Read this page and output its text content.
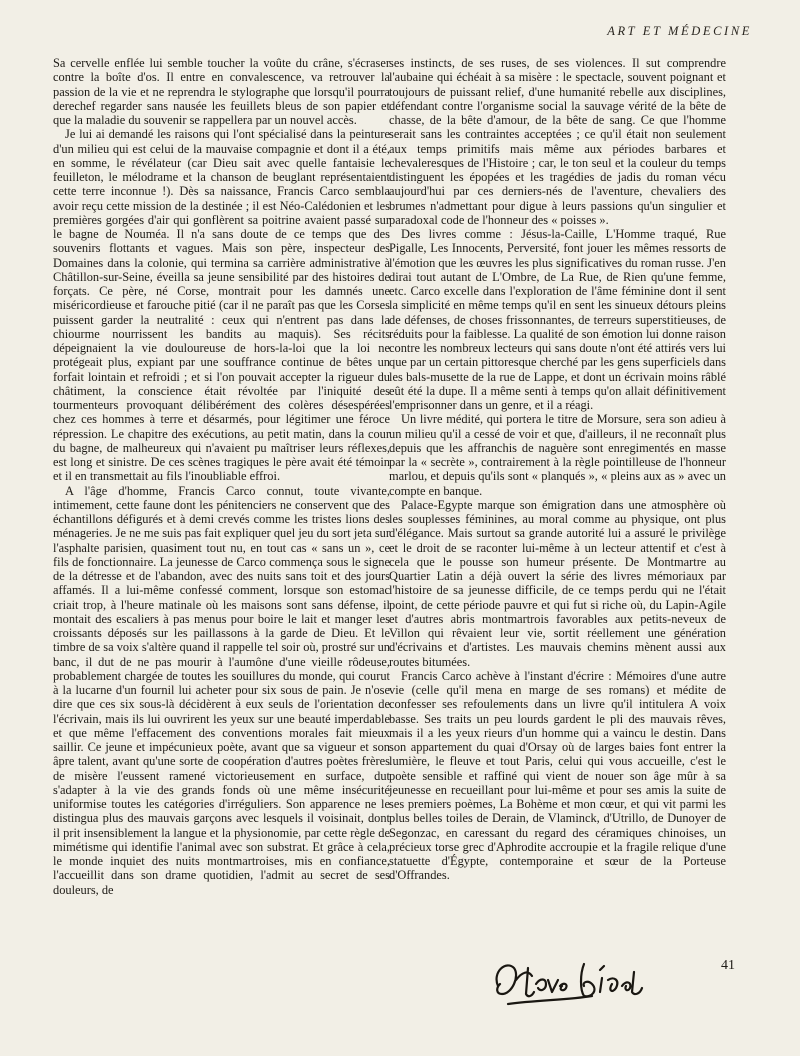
ART ET MÉDECINE

Sa cervelle enflée lui semble toucher la voûte du crâne, s'écraser contre la boîte d'os. Il entre en convalescence, va retrouver la passion de la vie et ne reprendra le stylographe que lorsqu'il pourra derechef regarder sans nausée les feuillets bleus de son papier et que la maladie du souvenir se rappellera par un nouvel accès.

Je lui ai demandé les raisons qui l'ont spécialisé dans la peinture d'un milieu qui est celui de la mauvaise compagnie et dont il a été, en somme, le révélateur (car Dieu sait avec quelle fantaisie le feuilleton, le mélodrame et la chanson de beuglant représentaient cette terre inconnue !). Dès sa naissance, Francis Carco sembla avoir reçu cette mission de la destinée ; il est Néo-Calédonien et les premières gorgées d'air qui gonflèrent sa poitrine avaient passé sur le bagne de Nouméa. Il n'a sans doute de ce temps que des souvenirs flottants et vagues. Mais son père, inspecteur des Domaines dans la colonie, qui termina sa carrière administrative à Châtillon-sur-Seine, éveilla sa jeune sensibilité par des histoires de forçats. Ce père, né Corse, montrait pour les damnés une miséricordieuse et farouche pitié (car il ne paraît pas que les Corses puissent garder la neutralité : ceux qui n'entrent pas dans la chiourme nourrissent les bandits au maquis). Ses récits dépeignaient la vie douloureuse de hors-la-loi que la loi ne protégeait plus, expiant par une souffrance continue de bêtes un forfait lointain et refroidi ; et si l'on pouvait accepter la rigueur du châtiment, la conscience était révoltée par l'iniquité des tourmenteurs provoquant délibérément des colères désespérées chez ces hommes à terre et désarmés, pour légitimer une féroce répression. Le chapitre des exécutions, au petit matin, dans la cour du bagne, de malheureux qui n'avaient pu maîtriser leurs réflexes, est long et sinistre. De ces scènes tragiques le père avait été témoin et il en transmettait au fils l'inoubliable effroi.

A l'âge d'homme, Francis Carco connut, toute vivante, intimement, cette faune dont les pénitenciers ne conservent que des échantillons défigurés et à demi crevés comme les tristes lions des ménageries. Je ne me suis pas fait expliquer quel jeu du sort jeta sur l'asphalte parisien, quasiment tout nu, en tout cas « sans un », ce fils de fonctionnaire. La jeunesse de Carco commença sous le signe de la détresse et de l'abandon, avec des nuits sans toit et des jours affamés. Il a lui-même confessé comment, lorsque son estomac criait trop, à l'heure matinale où les maisons sont sans défense, il montait des escaliers à pas menus pour boire le lait et manger les croissants déposés sur les paillassons à la garde de Dieu. Et le timbre de sa voix s'altère quand il rappelle tel soir où, prostré sur un banc, il dut de ne pas mourir à l'aumône d'une vieille rôdeuse, probablement chargée de toutes les souillures du monde, qui courut à la lucarne d'un fournil lui acheter pour six sous de pain. Je n'ose dire que ces six sous-là décidèrent à eux seuls de l'orientation de l'écrivain, mais ils lui ouvrirent les yeux sur une beauté imperdable et que même l'effacement des conventions morales fait mieux saillir. Ce jeune et impécunieux poète, avant que sa vigueur et son âpre talent, avant qu'une sorte de coopération d'autres poètes frères de misère l'eussent ramené victorieusement en surface, dut s'adapter à la vie des grands fonds où une même insécurité uniformise toutes les catégories d'irréguliers. Son apparence ne le distingua plus des mauvais garçons avec lesquels il voisinait, dont il prit insensiblement la langue et la physionomie, par cette règle de mimétisme qui identifie l'animal avec son substrat. Et grâce à cela, le monde inquiet des nuits montmartroises, mis en confiance, l'accueillit dans son drame quotidien, l'admit au secret de ses douleurs, de

ses instincts, de ses ruses, de ses violences. Il sut comprendre l'aubaine qui échéait à sa misère : le spectacle, souvent poignant et toujours de puissant relief, d'une humanité rebelle aux disciplines, défendant contre l'organisme social la sauvage vérité de la bête de chasse, de la bête d'amour, de la bête de sang. Ce que l'homme serait sans les contraintes acceptées ; ce qu'il était non seulement aux temps primitifs mais même aux périodes barbares et chevaleresques de l'Histoire ; car, le ton seul et la couleur du temps distinguent les épopées et les tragédies de jadis du roman vécu aujourd'hui par ces derniers-nés de l'aventure, chevaliers des brumes n'admettant pour digue à leurs passions qu'un singulier et paradoxal code de l'honneur des « poisses ».

Des livres comme : Jésus-la-Caille, L'Homme traqué, Rue Pigalle, Les Innocents, Perversité, font jouer les mêmes ressorts de l'émotion que les œuvres les plus significatives du roman russe. J'en dirai tout autant de L'Ombre, de La Rue, de Rien qu'une femme, etc. Carco excelle dans l'exploration de l'âme féminine dont il sent la simplicité en même temps qu'il en sent les sinueux détours pleins de défenses, de choses frissonnantes, de terreurs superstitieuses, de réduits pour la faiblesse. La qualité de son émotion lui donne raison contre les nombreux lecteurs qui sans doute n'ont été attirés vers lui que par un certain pittoresque cherché par les gens superficiels dans les bals-musette de la rue de Lappe, et dont un écrivain moins râblé eût été la dupe. Il a même senti à temps qu'on allait définitivement l'emprisonner dans un genre, et il a réagi.

Un livre médité, qui portera le titre de Morsure, sera son adieu à un milieu qu'il a cessé de voir et que, d'ailleurs, il ne reconnaît plus depuis que les affranchis de naguère sont enregimentés en masse par la « secrète », contrairement à la règle pointilleuse de l'honneur marlou, et depuis qu'ils sont « planqués », « pleins aux as » avec un compte en banque.

Palace-Egypte marque son émigration dans une atmosphère où les souplesses féminines, au moral comme au physique, ont plus d'élégance. Mais surtout sa grande autorité lui a assuré le privilège et le droit de se raconter lui-même à un lecteur attentif et c'est à cela que le pousse son humeur présente. De Montmartre au Quartier Latin a déjà ouvert la série des livres mémoriaux par l'histoire de sa jeunesse difficile, de ce temps perdu qui ne l'était point, de cette période pauvre et qui fut si riche où, du Lapin-Agile et d'autres abris montmartrois favorables aux petits-neveux de Villon qui rêvaient leur vie, sortit réellement une génération d'écrivains et d'artistes. Les mauvais chemins mènent aussi aux routes bitumées.

Francis Carco achève à l'instant d'écrire : Mémoires d'une autre vie (celle qu'il mena en marge de ses romans) et médite de confesser ses refoulements dans un livre qu'il intitulera A voix basse. Ses traits un peu lourds gardent le pli des mauvais rêves, mais il a les yeux rieurs d'un homme qui a vaincu le destin. Dans son appartement du quai d'Orsay où de larges baies font entrer la lumière, le fleuve et tout Paris, celui qui vous accueille, c'est le poète sensible et raffiné qui vient de nouer son âge mûr à sa jeunesse en recueillant pour lui-même et pour ses amis la suite de ses premiers poèmes, La Bohème et mon cœur, et qui vit parmi les plus belles toiles de Derain, de Vlaminck, d'Utrillo, de Dunoyer de Segonzac, en caressant du regard des céramiques chinoises, un précieux torse grec d'Aphrodite accroupie et la fragile relique d'une statuette d'Égypte, contemporaine et sœur de la Porteuse d'Offrandes.

41
